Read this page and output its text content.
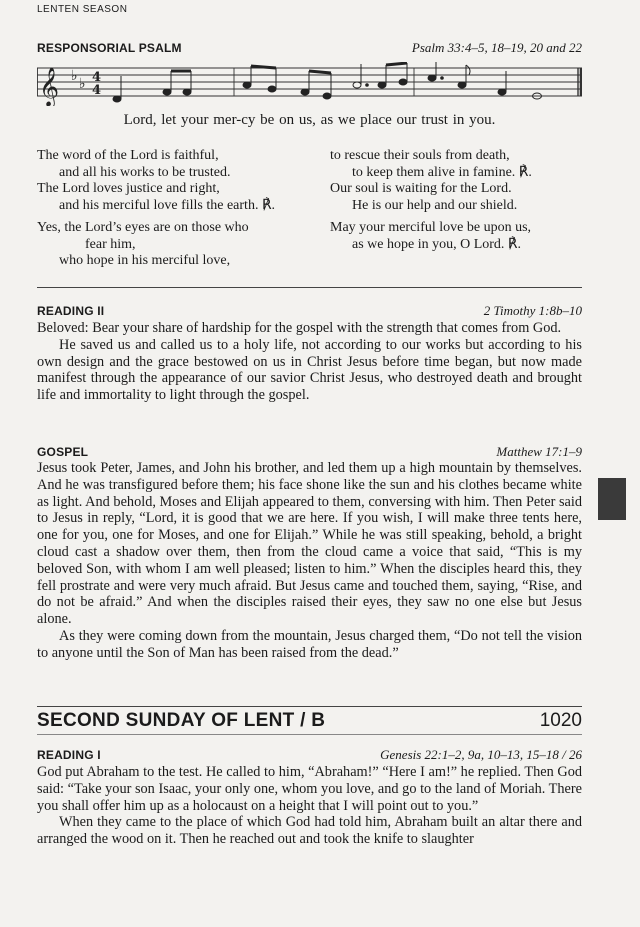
LENTEN SEASON
RESPONSORIAL PSALM	Psalm 33:4–5, 18–19, 20 and 22
𝄞 ♭ ♭ 4
4
Lord, let your mer-cy be on us, as we place our trust in you.
The word of the Lord is faithful,
and all his works to be trusted.
The Lord loves justice and right,
and his merciful love fills the earth. ℟.
Yes, the Lord’s eyes are on those who
fear him,
who hope in his merciful love,
to rescue their souls from death,
to keep them alive in famine. ℟.
Our soul is waiting for the Lord.
He is our help and our shield.
May your merciful love be upon us,
as we hope in you, O Lord. ℟.
READING II	2 Timothy 1:8b–10

Beloved: Bear your share of hardship for the gospel with the strength that comes from God.

He saved us and called us to a holy life, not according to our works but according to his own design and the grace bestowed on us in Christ Jesus before time began, but now made manifest through the appearance of our savior Christ Jesus, who destroyed death and brought life and immortality to light through the gospel.

GOSPEL	Matthew 17:1–9

Jesus took Peter, James, and John his brother, and led them up a high mountain by themselves. And he was transfigured before them; his face shone like the sun and his clothes became white as light. And behold, Moses and Elijah appeared to them, conversing with him. Then Peter said to Jesus in reply, “Lord, it is good that we are here. If you wish, I will make three tents here, one for you, one for Moses, and one for Elijah.” While he was still speaking, behold, a bright cloud cast a shadow over them, then from the cloud came a voice that said, “This is my beloved Son, with whom I am well pleased; listen to him.” When the disciples heard this, they fell prostrate and were very much afraid. But Jesus came and touched them, saying, “Rise, and do not be afraid.” And when the disciples raised their eyes, they saw no one else but Jesus alone.

As they were coming down from the mountain, Jesus charged them, “Do not tell the vision to anyone until the Son of Man has been raised from the dead.”

SECOND SUNDAY OF LENT / B	1020
READING I	Genesis 22:1–2, 9a, 10–13, 15–18 / 26

God put Abraham to the test. He called to him, “Abraham!” “Here I am!” he replied. Then God said: “Take your son Isaac, your only one, whom you love, and go to the land of Moriah. There you shall offer him up as a holocaust on a height that I will point out to you.”

When they came to the place of which God had told him, Abraham built an altar there and arranged the wood on it. Then he reached out and took the knife to slaughter
